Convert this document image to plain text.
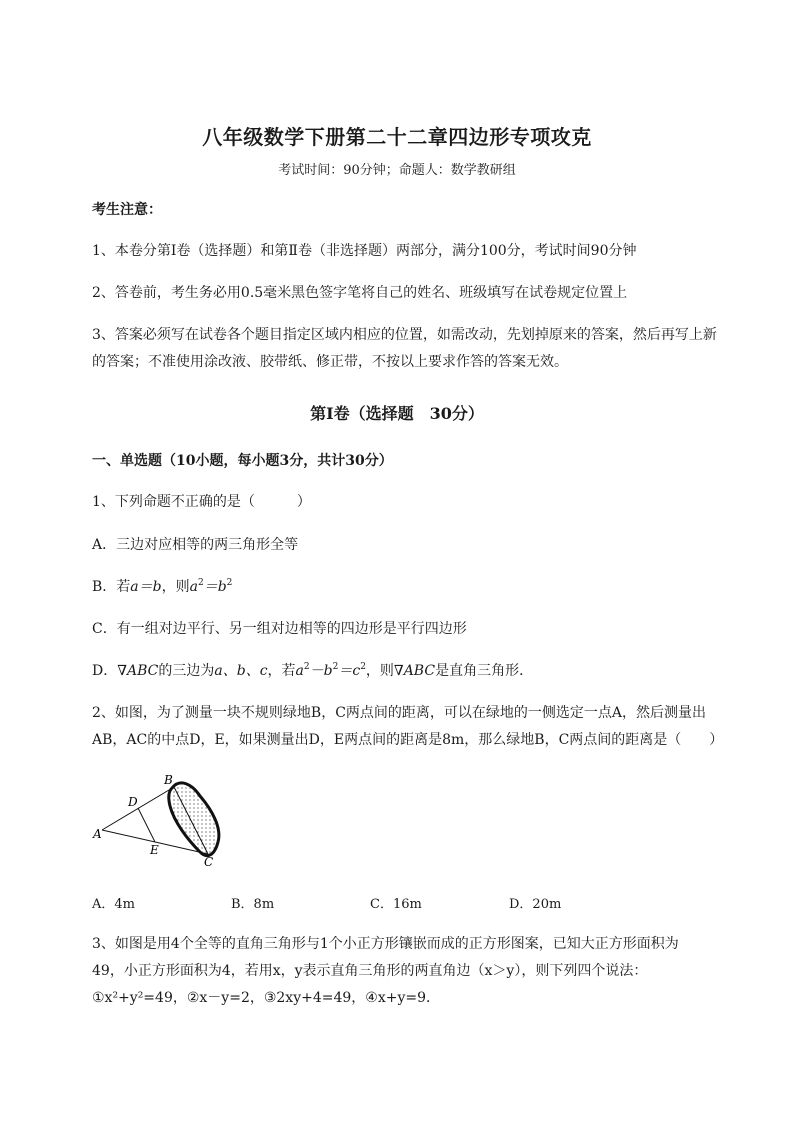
八年级数学下册第二十二章四边形专项攻克
考试时间：90分钟；命题人：数学教研组
考生注意：
1、本卷分第I卷（选择题）和第Ⅱ卷（非选择题）两部分，满分100分，考试时间90分钟
2、答卷前，考生务必用0.5毫米黑色签字笔将自己的姓名、班级填写在试卷规定位置上
3、答案必须写在试卷各个题目指定区域内相应的位置，如需改动，先划掉原来的答案，然后再写上新
的答案；不准使用涂改液、胶带纸、修正带，不按以上要求作答的答案无效。
第I卷（选择题　30分）
一、单选题（10小题，每小题3分，共计30分）
1、下列命题不正确的是（　　　）
A．三边对应相等的两三角形全等
B．若a＝b，则$a^2=b^2$
C．有一组对边平行、另一组对边相等的四边形是平行四边形
D．∇ABC的三边为a、b、c，若$a^2-b^2=c^2$，则∇ABC是直角三角形．
2、如图，为了测量一块不规则绿地B，C两点间的距离，可以在绿地的一侧选定一点A，然后测量出
AB，AC的中点D，E，如果测量出D，E两点间的距离是8m，那么绿地B，C两点间的距离是（　　）
A
B
C
D
E
A．4m	B．8m	C．16m	D．20m
3、如图是用4个全等的直角三角形与1个小正方形镶嵌而成的正方形图案，已知大正方形面积为
49，小正方形面积为4，若用x，y表示直角三角形的两直角边（x＞y），则下列四个说法：
①x²+y²=49，②x－y=2，③2xy+4=49，④x+y=9．
